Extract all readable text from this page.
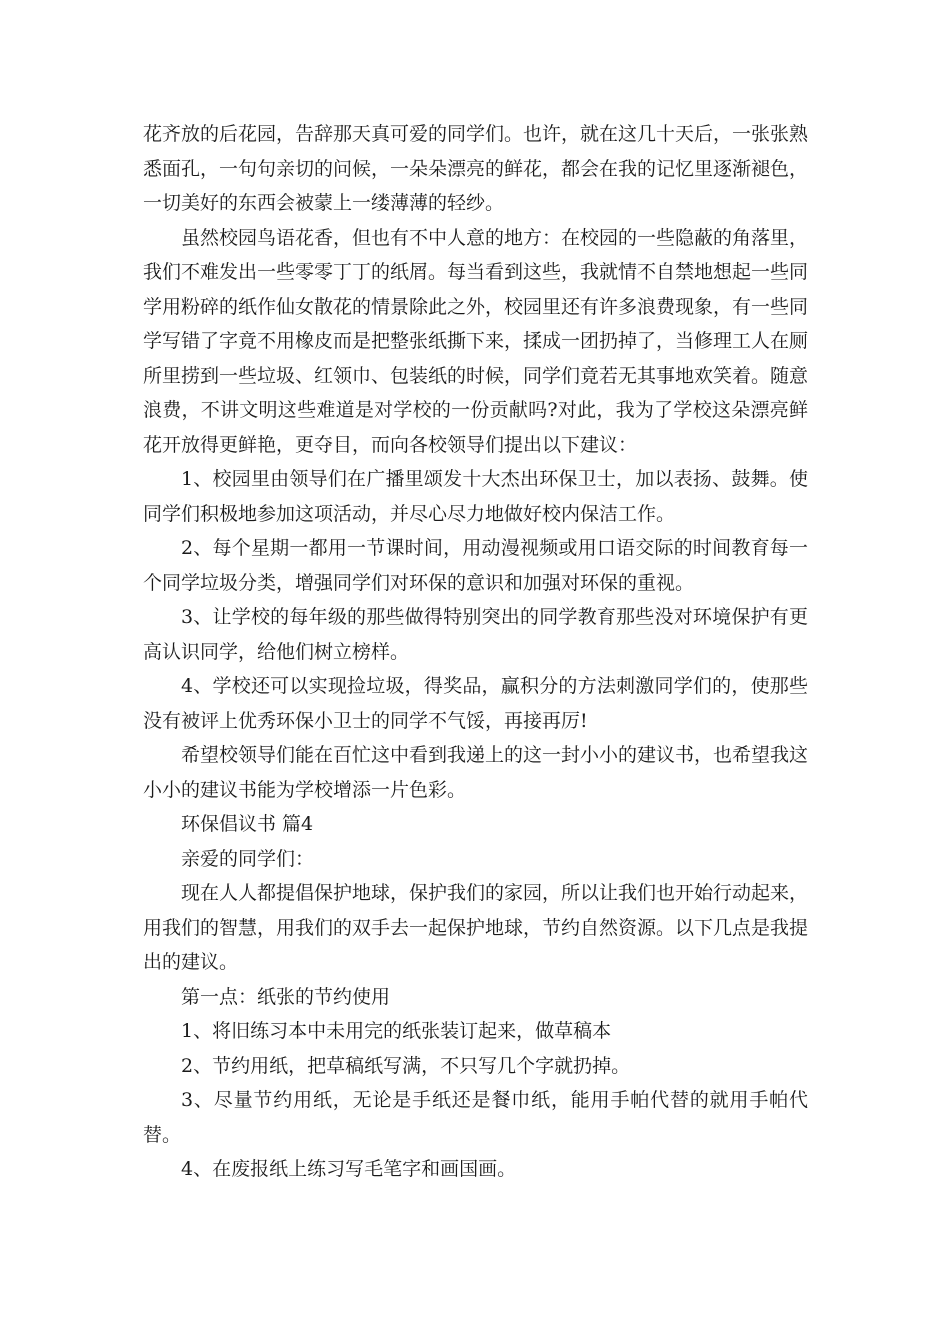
花齐放的后花园，告辞那天真可爱的同学们。也许，就在这几十天后，一张张熟悉面孔，一句句亲切的问候，一朵朵漂亮的鲜花，都会在我的记忆里逐渐褪色，一切美好的东西会被蒙上一缕薄薄的轻纱。

虽然校园鸟语花香，但也有不中人意的地方：在校园的一些隐蔽的角落里，我们不难发出一些零零丁丁的纸屑。每当看到这些，我就情不自禁地想起一些同学用粉碎的纸作仙女散花的情景除此之外，校园里还有许多浪费现象，有一些同学写错了字竟不用橡皮而是把整张纸撕下来，揉成一团扔掉了，当修理工人在厕所里捞到一些垃圾、红领巾、包装纸的时候，同学们竟若无其事地欢笑着。随意浪费，不讲文明这些难道是对学校的一份贡献吗?对此，我为了学校这朵漂亮鲜花开放得更鲜艳，更夺目，而向各校领导们提出以下建议：

1、校园里由领导们在广播里颂发十大杰出环保卫士，加以表扬、鼓舞。使同学们积极地参加这项活动，并尽心尽力地做好校内保洁工作。

2、每个星期一都用一节课时间，用动漫视频或用口语交际的时间教育每一个同学垃圾分类，增强同学们对环保的意识和加强对环保的重视。

3、让学校的每年级的那些做得特别突出的同学教育那些没对环境保护有更高认识同学，给他们树立榜样。

4、学校还可以实现捡垃圾，得奖品，赢积分的方法刺激同学们的，使那些没有被评上优秀环保小卫士的同学不气馁，再接再厉!

希望校领导们能在百忙这中看到我递上的这一封小小的建议书，也希望我这小小的建议书能为学校增添一片色彩。

环保倡议书 篇4

亲爱的同学们：

现在人人都提倡保护地球，保护我们的家园，所以让我们也开始行动起来，用我们的智慧，用我们的双手去一起保护地球，节约自然资源。以下几点是我提出的建议。

第一点：纸张的节约使用

1、将旧练习本中未用完的纸张装订起来，做草稿本

2、节约用纸，把草稿纸写满，不只写几个字就扔掉。

3、尽量节约用纸，无论是手纸还是餐巾纸，能用手帕代替的就用手帕代替。

4、在废报纸上练习写毛笔字和画国画。
